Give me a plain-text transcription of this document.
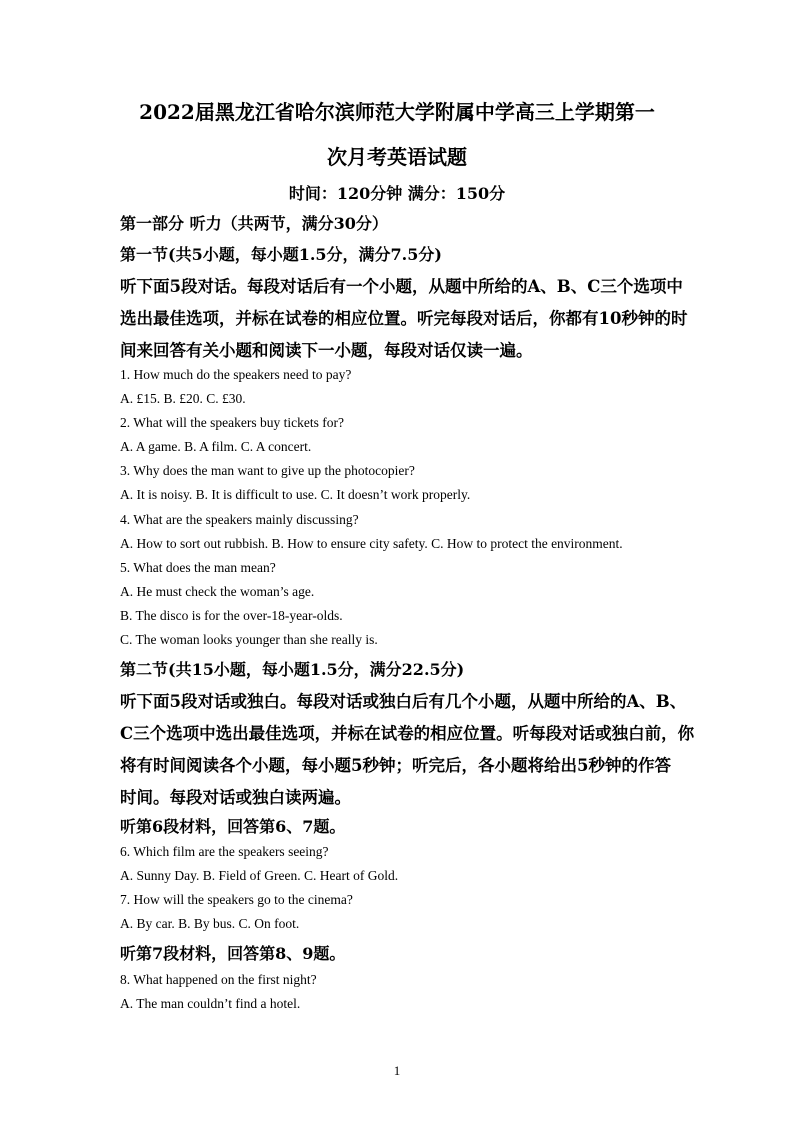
2022届黑龙江省哈尔滨师范大学附属中学高三上学期第一
次月考英语试题
时间：120分钟 满分：150分
第一部分 听力（共两节，满分30分）
第一节(共5小题，每小题1.5分，满分7.5分)
听下面5段对话。每段对话后有一个小题，从题中所给的A、B、C三个选项中
选出最佳选项，并标在试卷的相应位置。听完每段对话后，你都有10秒钟的时
间来回答有关小题和阅读下一小题，每段对话仅读一遍。
1. How much do the speakers need to pay?
A. £15. B. £20. C. £30.
2. What will the speakers buy tickets for?
A. A game. B. A film. C. A concert.
3. Why does the man want to give up the photocopier?
A. It is noisy. B. It is difficult to use. C. It doesn’t work properly.
4. What are the speakers mainly discussing?
A. How to sort out rubbish. B. How to ensure city safety. C. How to protect the environment.
5. What does the man mean?
A. He must check the woman’s age.
B. The disco is for the over-18-year-olds.
C. The woman looks younger than she really is.
第二节(共15小题，每小题1.5分，满分22.5分)
听下面5段对话或独白。每段对话或独白后有几个小题，从题中所给的A、B、
C三个选项中选出最佳选项，并标在试卷的相应位置。听每段对话或独白前，你
将有时间阅读各个小题，每小题5秒钟；听完后，各小题将给出5秒钟的作答
时间。每段对话或独白读两遍。
听第6段材料，回答第6、7题。
6. Which film are the speakers seeing?
A. Sunny Day. B. Field of Green. C. Heart of Gold.
7. How will the speakers go to the cinema?
A. By car. B. By bus. C. On foot.
听第7段材料，回答第8、9题。
8. What happened on the first night?
A. The man couldn’t find a hotel.
1
